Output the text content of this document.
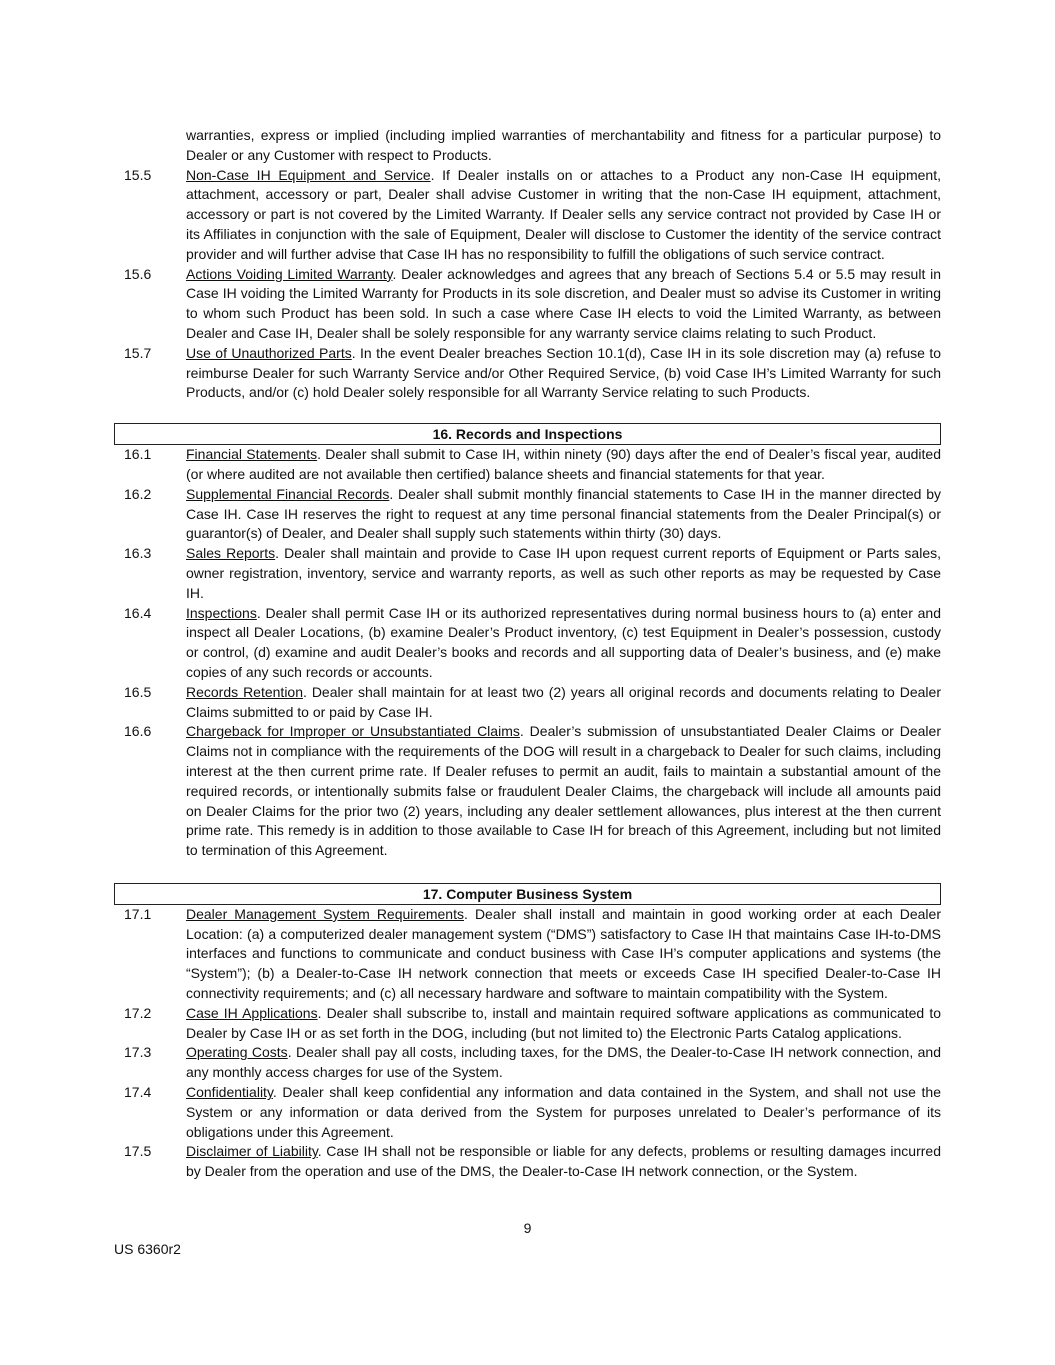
warranties, express or implied (including implied warranties of merchantability and fitness for a particular purpose) to Dealer or any Customer with respect to Products.
15.5	Non-Case IH Equipment and Service. If Dealer installs on or attaches to a Product any non-Case IH equipment, attachment, accessory or part, Dealer shall advise Customer in writing that the non-Case IH equipment, attachment, accessory or part is not covered by the Limited Warranty. If Dealer sells any service contract not provided by Case IH or its Affiliates in conjunction with the sale of Equipment, Dealer will disclose to Customer the identity of the service contract provider and will further advise that Case IH has no responsibility to fulfill the obligations of such service contract.
15.6	Actions Voiding Limited Warranty. Dealer acknowledges and agrees that any breach of Sections 5.4 or 5.5 may result in Case IH voiding the Limited Warranty for Products in its sole discretion, and Dealer must so advise its Customer in writing to whom such Product has been sold. In such a case where Case IH elects to void the Limited Warranty, as between Dealer and Case IH, Dealer shall be solely responsible for any warranty service claims relating to such Product.
15.7	Use of Unauthorized Parts. In the event Dealer breaches Section 10.1(d), Case IH in its sole discretion may (a) refuse to reimburse Dealer for such Warranty Service and/or Other Required Service, (b) void Case IH’s Limited Warranty for such Products, and/or (c) hold Dealer solely responsible for all Warranty Service relating to such Products.
16. Records and Inspections
16.1	Financial Statements. Dealer shall submit to Case IH, within ninety (90) days after the end of Dealer’s fiscal year, audited (or where audited are not available then certified) balance sheets and financial statements for that year.
16.2	Supplemental Financial Records. Dealer shall submit monthly financial statements to Case IH in the manner directed by Case IH. Case IH reserves the right to request at any time personal financial statements from the Dealer Principal(s) or guarantor(s) of Dealer, and Dealer shall supply such statements within thirty (30) days.
16.3	Sales Reports. Dealer shall maintain and provide to Case IH upon request current reports of Equipment or Parts sales, owner registration, inventory, service and warranty reports, as well as such other reports as may be requested by Case IH.
16.4	Inspections. Dealer shall permit Case IH or its authorized representatives during normal business hours to (a) enter and inspect all Dealer Locations, (b) examine Dealer’s Product inventory, (c) test Equipment in Dealer’s possession, custody or control, (d) examine and audit Dealer’s books and records and all supporting data of Dealer’s business, and (e) make copies of any such records or accounts.
16.5	Records Retention. Dealer shall maintain for at least two (2) years all original records and documents relating to Dealer Claims submitted to or paid by Case IH.
16.6	Chargeback for Improper or Unsubstantiated Claims. Dealer’s submission of unsubstantiated Dealer Claims or Dealer Claims not in compliance with the requirements of the DOG will result in a chargeback to Dealer for such claims, including interest at the then current prime rate. If Dealer refuses to permit an audit, fails to maintain a substantial amount of the required records, or intentionally submits false or fraudulent Dealer Claims, the chargeback will include all amounts paid on Dealer Claims for the prior two (2) years, including any dealer settlement allowances, plus interest at the then current prime rate. This remedy is in addition to those available to Case IH for breach of this Agreement, including but not limited to termination of this Agreement.
17. Computer Business System
17.1	Dealer Management System Requirements. Dealer shall install and maintain in good working order at each Dealer Location: (a) a computerized dealer management system (“DMS”) satisfactory to Case IH that maintains Case IH-to-DMS interfaces and functions to communicate and conduct business with Case IH’s computer applications and systems (the “System”); (b) a Dealer-to-Case IH network connection that meets or exceeds Case IH specified Dealer-to-Case IH connectivity requirements; and (c) all necessary hardware and software to maintain compatibility with the System.
17.2	Case IH Applications. Dealer shall subscribe to, install and maintain required software applications as communicated to Dealer by Case IH or as set forth in the DOG, including (but not limited to) the Electronic Parts Catalog applications.
17.3	Operating Costs. Dealer shall pay all costs, including taxes, for the DMS, the Dealer-to-Case IH network connection, and any monthly access charges for use of the System.
17.4	Confidentiality. Dealer shall keep confidential any information and data contained in the System, and shall not use the System or any information or data derived from the System for purposes unrelated to Dealer’s performance of its obligations under this Agreement.
17.5	Disclaimer of Liability. Case IH shall not be responsible or liable for any defects, problems or resulting damages incurred by Dealer from the operation and use of the DMS, the Dealer-to-Case IH network connection, or the System.
9
US 6360r2
